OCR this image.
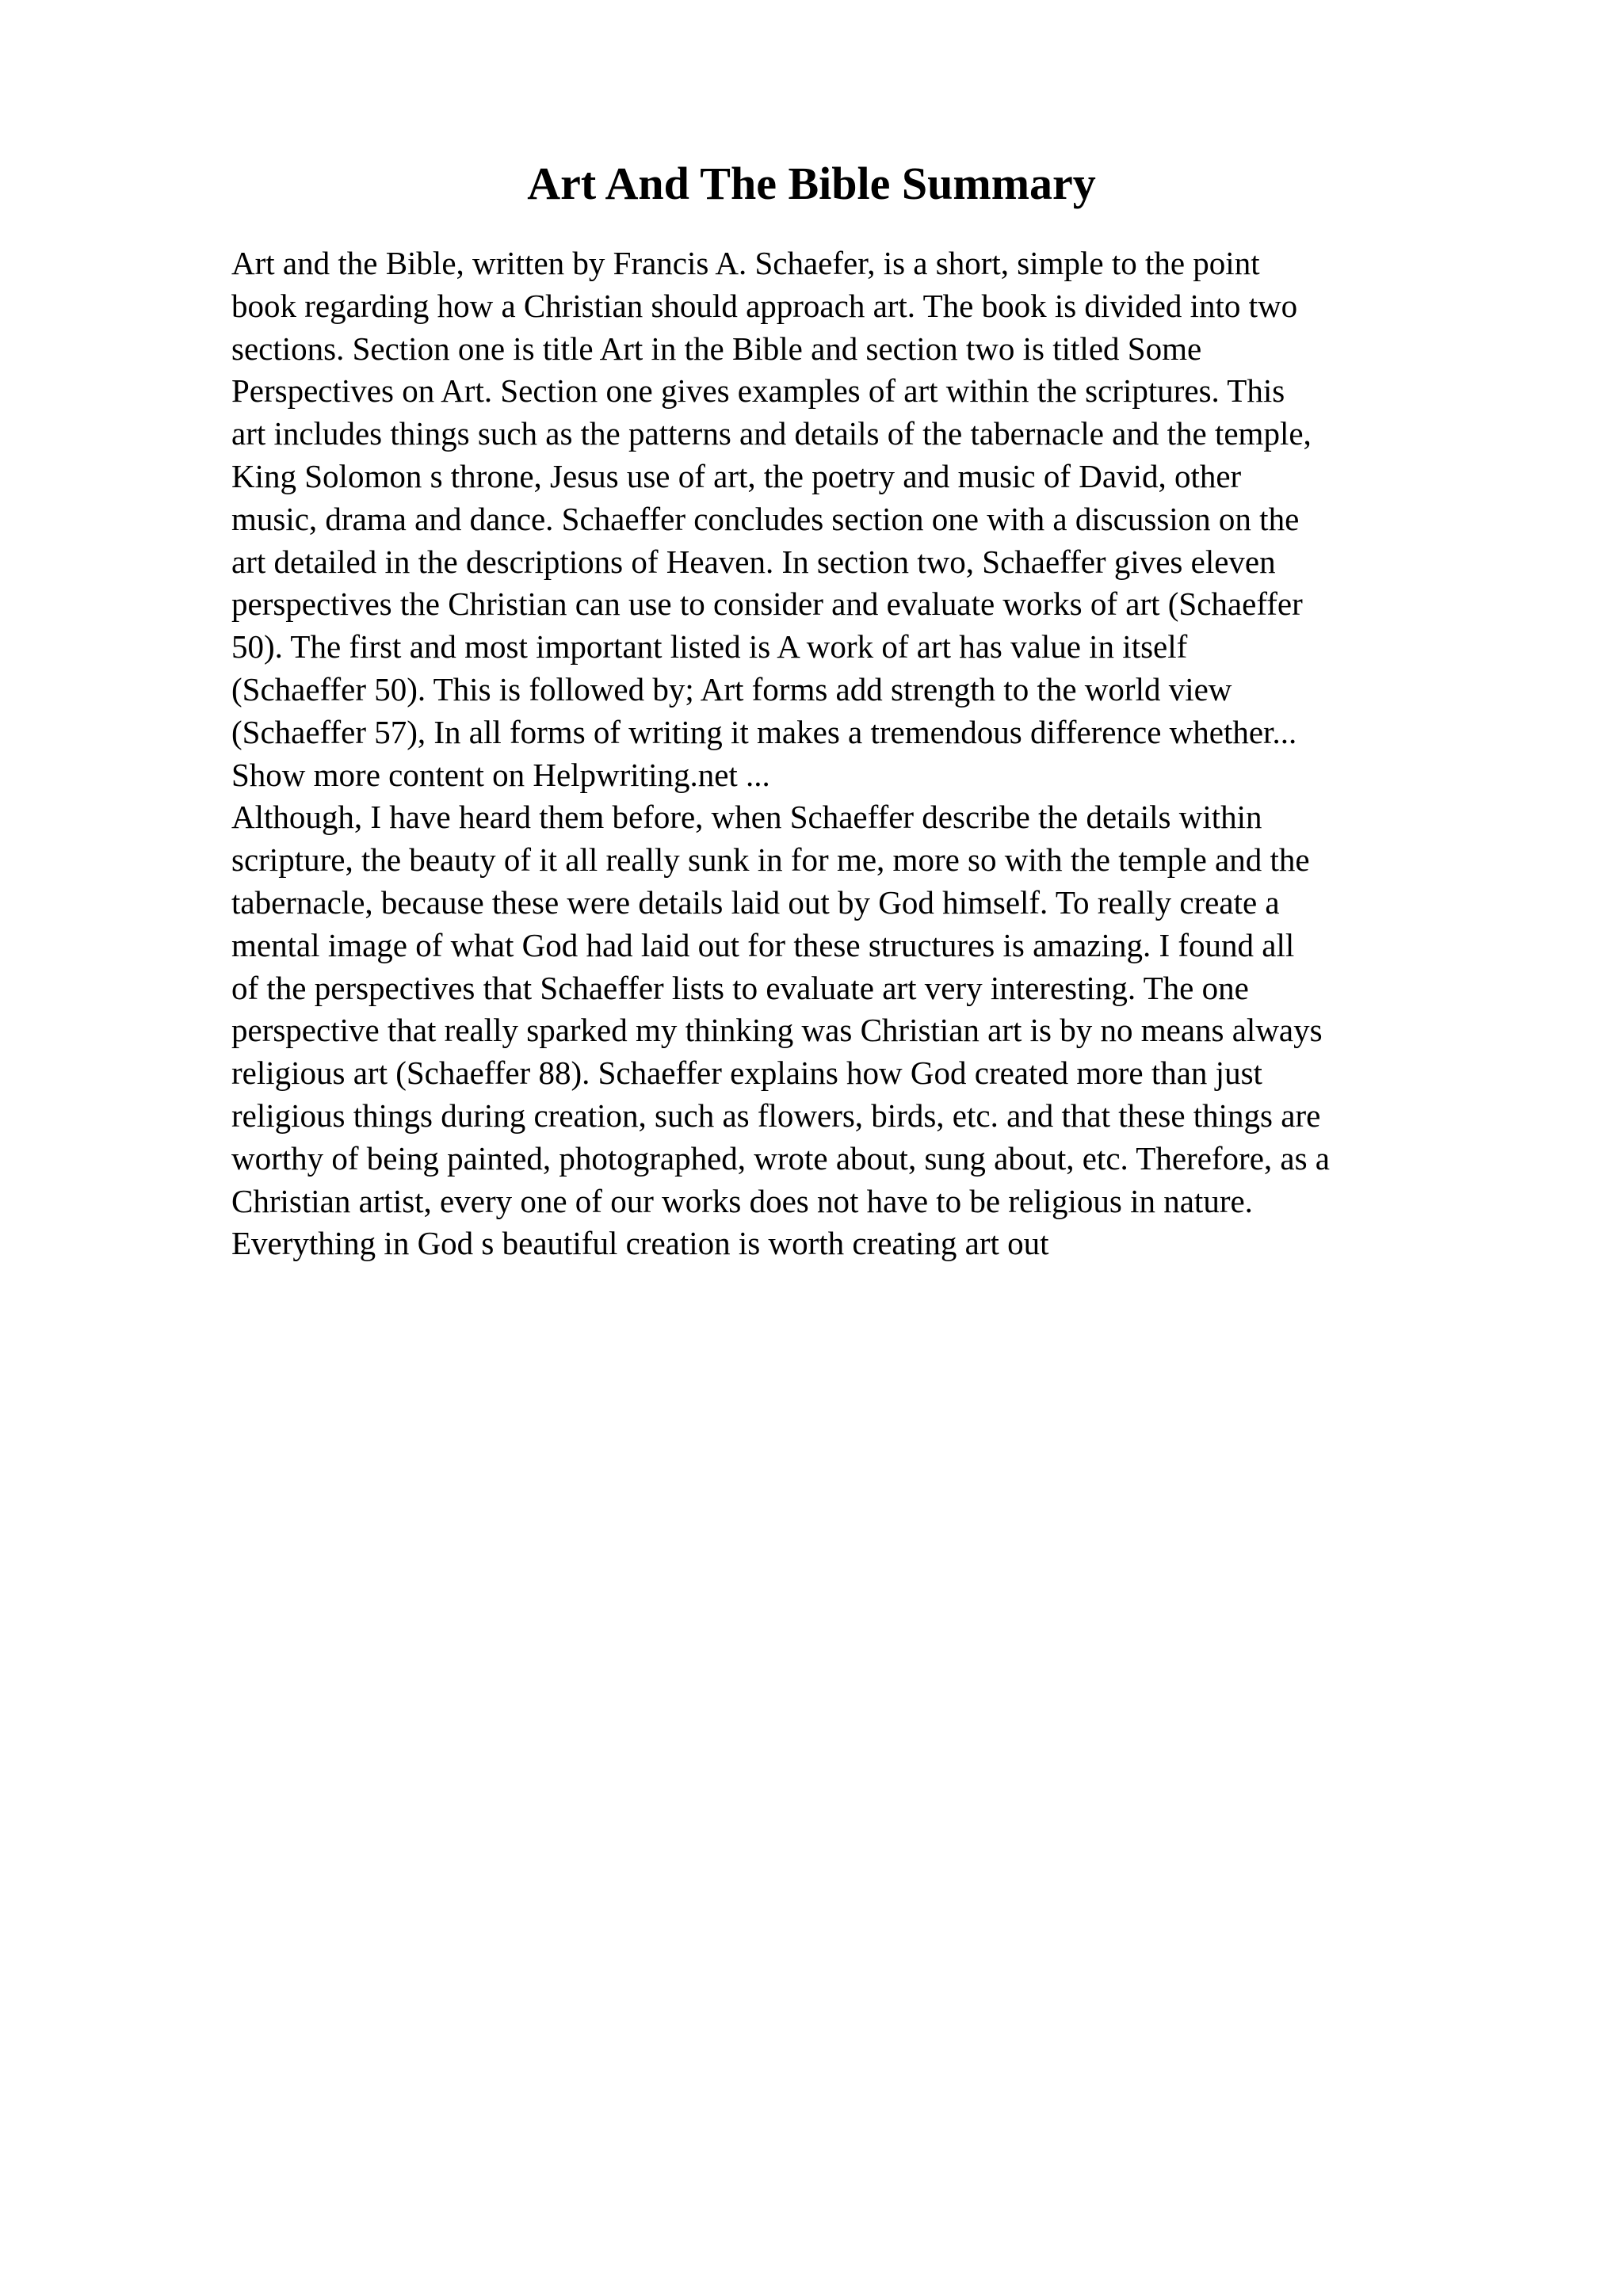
Art And The Bible Summary
Art and the Bible, written by Francis A. Schaefer, is a short, simple to the point
book regarding how a Christian should approach art. The book is divided into two
sections. Section one is title Art in the Bible and section two is titled Some
Perspectives on Art. Section one gives examples of art within the scriptures. This
art includes things such as the patterns and details of the tabernacle and the temple,
King Solomon s throne, Jesus use of art, the poetry and music of David, other
music, drama and dance. Schaeffer concludes section one with a discussion on the
art detailed in the descriptions of Heaven. In section two, Schaeffer gives eleven
perspectives the Christian can use to consider and evaluate works of art (Schaeffer
50). The first and most important listed is A work of art has value in itself
(Schaeffer 50). This is followed by; Art forms add strength to the world view
(Schaeffer 57), In all forms of writing it makes a tremendous difference whether...
Show more content on Helpwriting.net ...
Although, I have heard them before, when Schaeffer describe the details within
scripture, the beauty of it all really sunk in for me, more so with the temple and the
tabernacle, because these were details laid out by God himself. To really create a
mental image of what God had laid out for these structures is amazing. I found all
of the perspectives that Schaeffer lists to evaluate art very interesting. The one
perspective that really sparked my thinking was Christian art is by no means always
religious art (Schaeffer 88). Schaeffer explains how God created more than just
religious things during creation, such as flowers, birds, etc. and that these things are
worthy of being painted, photographed, wrote about, sung about, etc. Therefore, as a
Christian artist, every one of our works does not have to be religious in nature.
Everything in God s beautiful creation is worth creating art out
